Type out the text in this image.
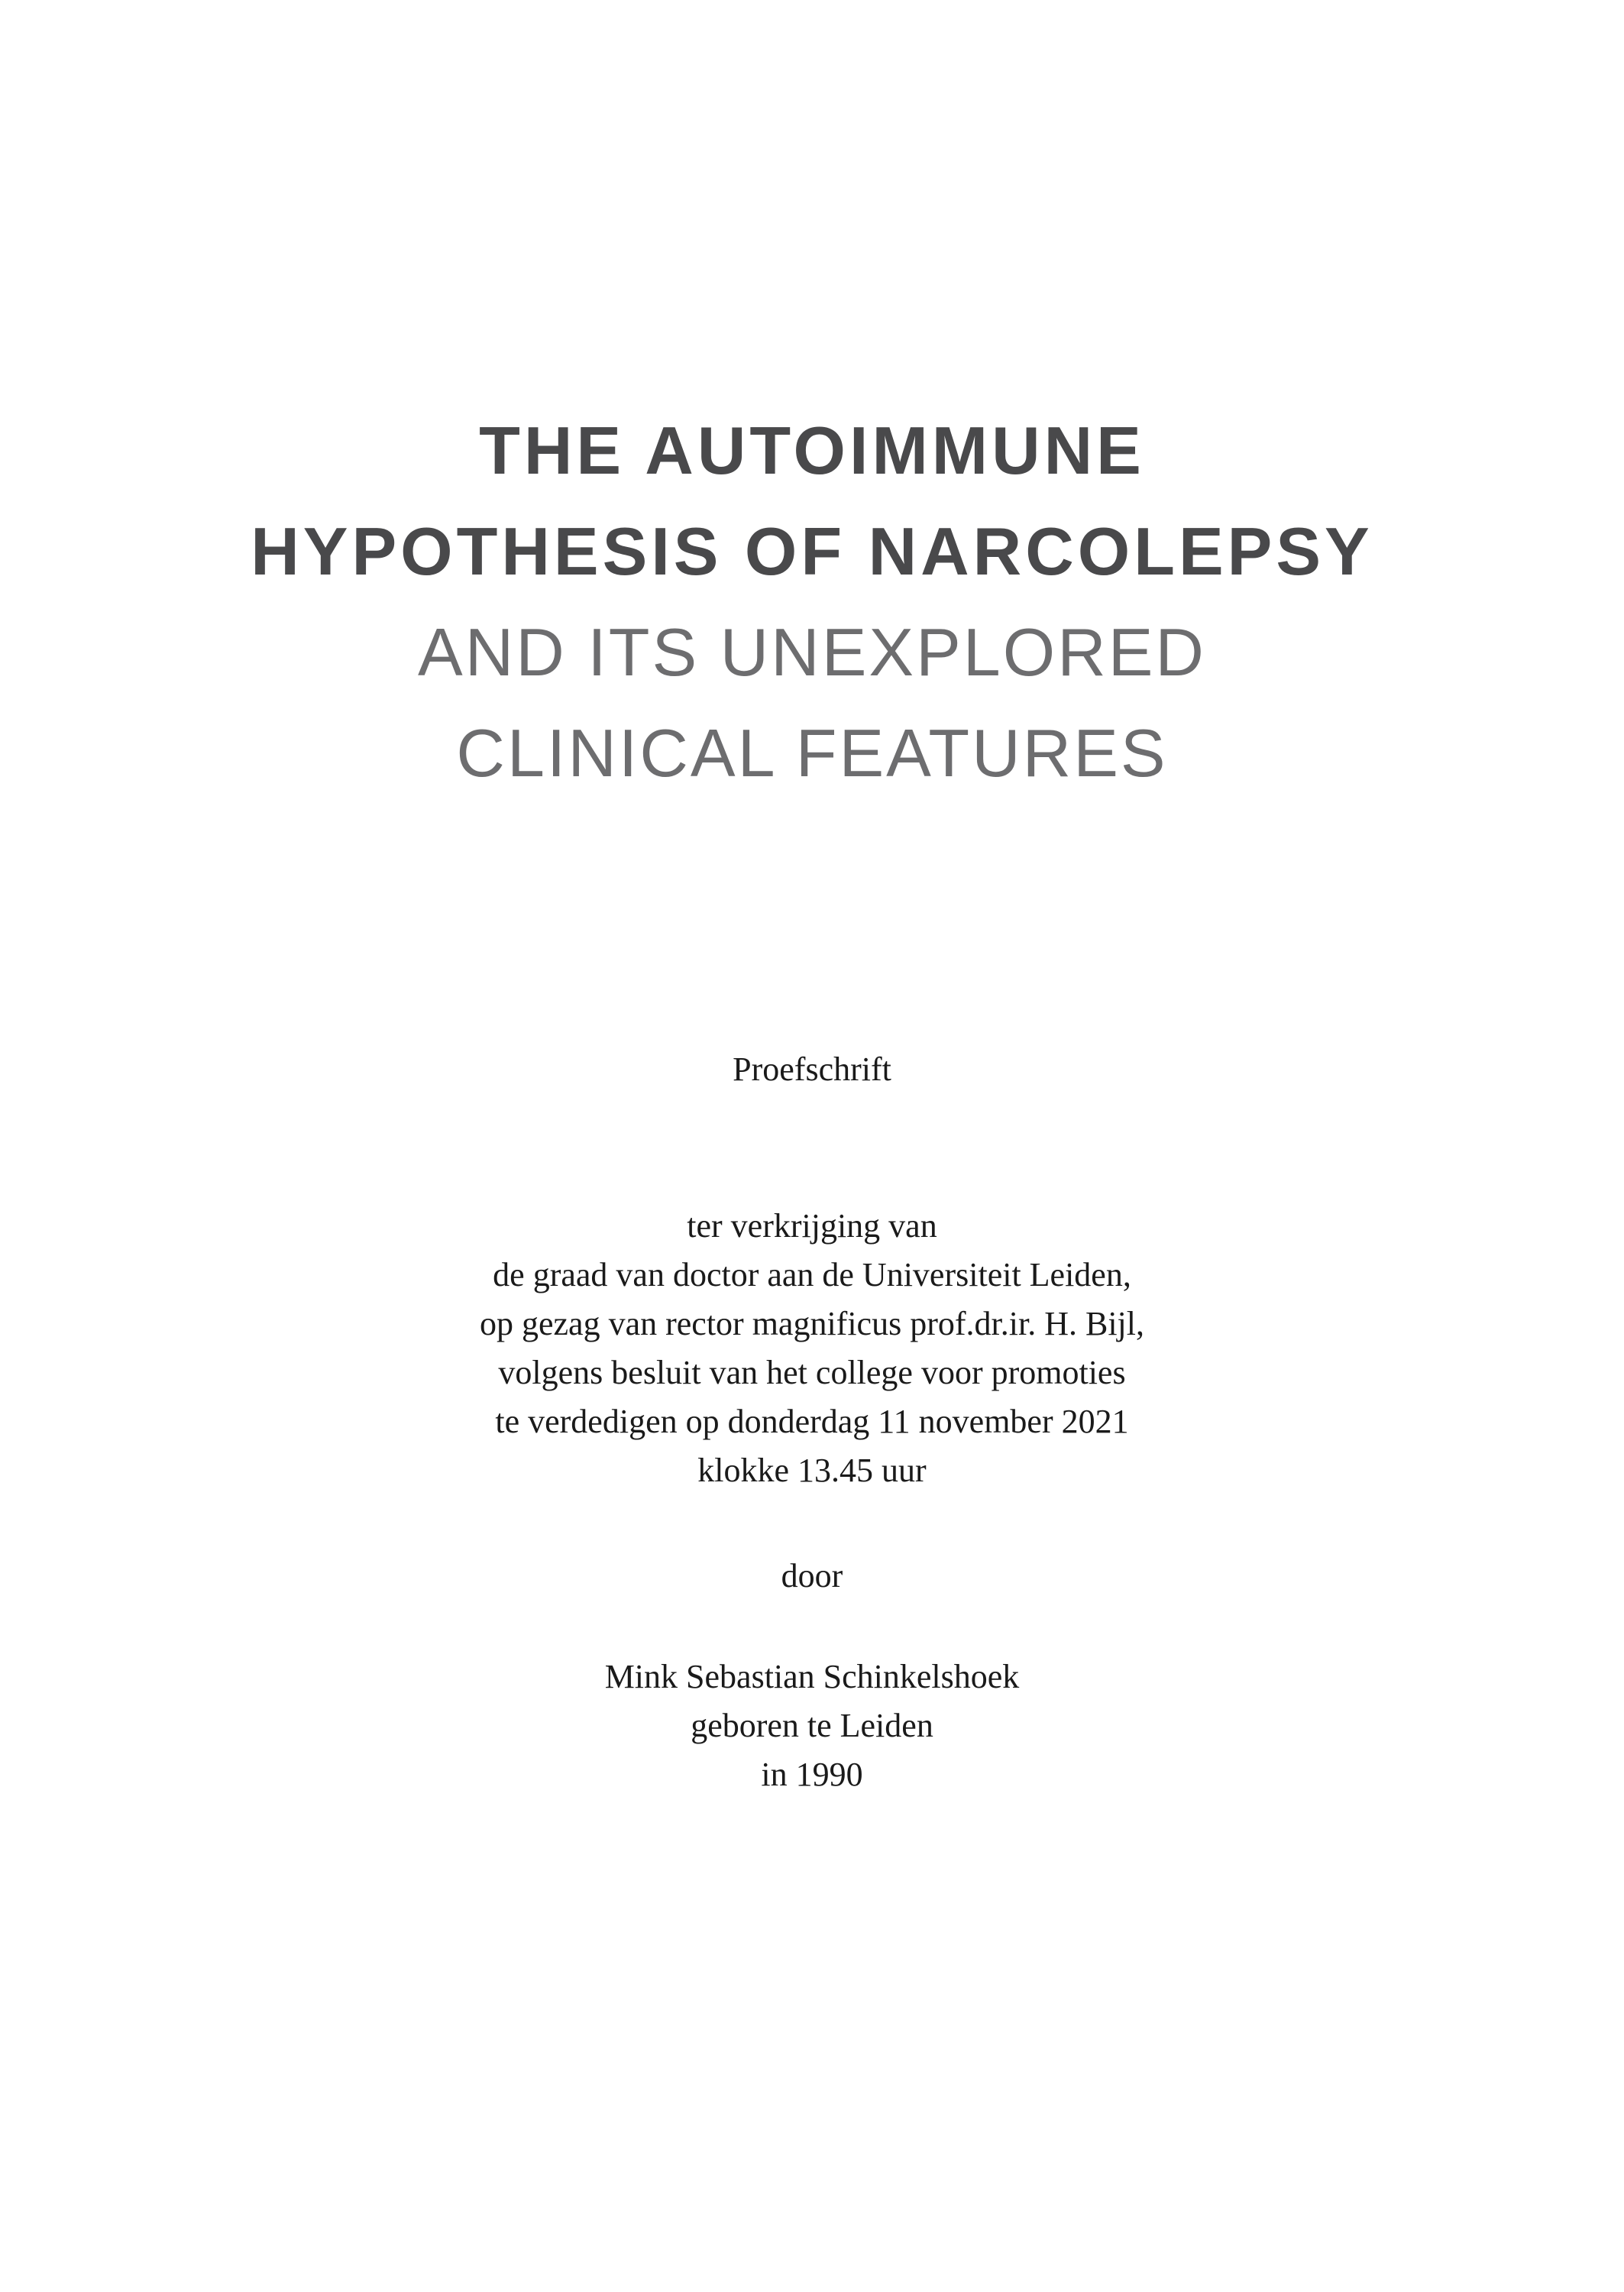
THE AUTOIMMUNE
HYPOTHESIS OF NARCOLEPSY
AND ITS UNEXPLORED
CLINICAL FEATURES
Proefschrift
ter verkrijging van
de graad van doctor aan de Universiteit Leiden,
op gezag van rector magnificus prof.dr.ir. H. Bijl,
volgens besluit van het college voor promoties
te verdedigen op donderdag 11 november 2021
klokke 13.45 uur
door
Mink Sebastian Schinkelshoek
geboren te Leiden
in 1990
